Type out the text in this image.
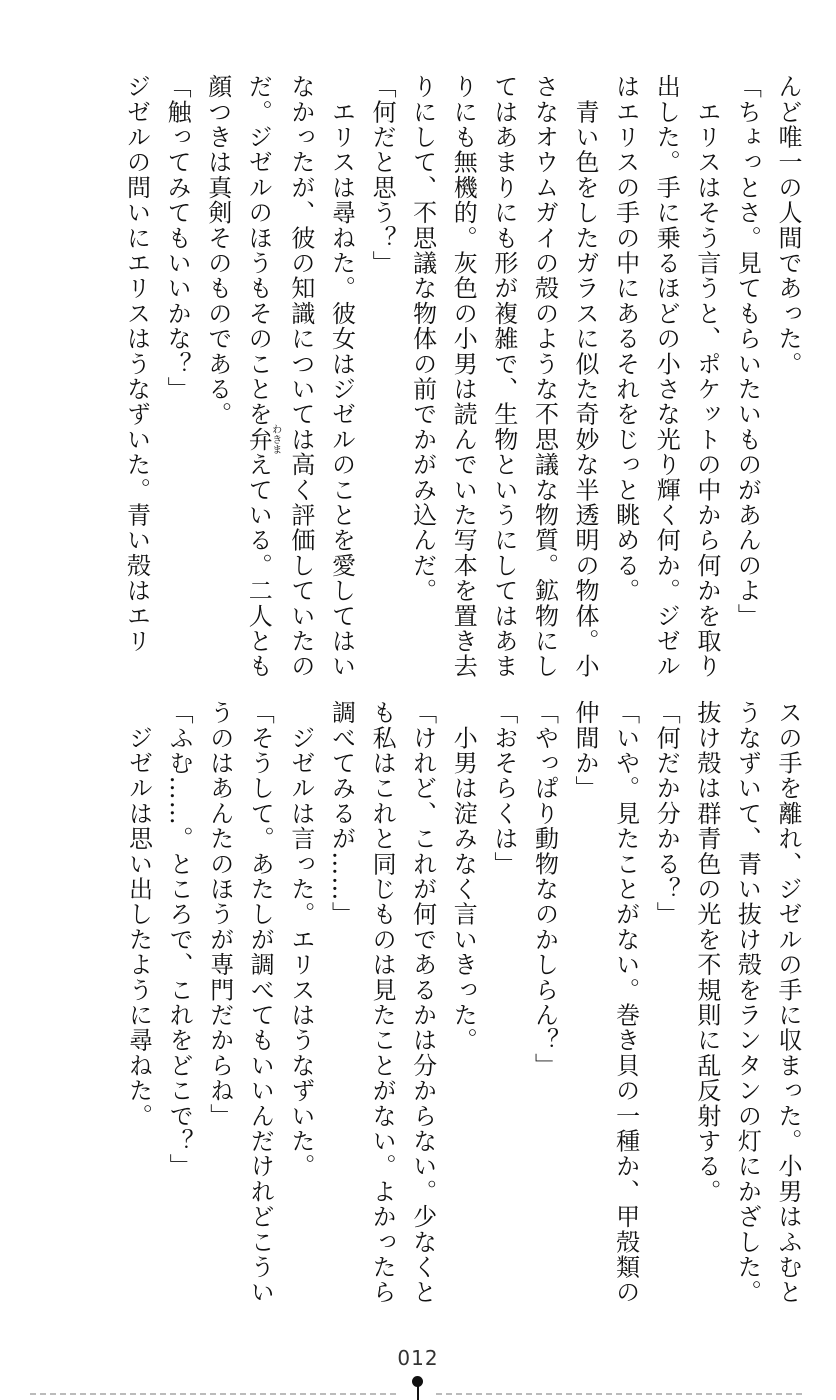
んど唯一の人間であった。
「ちょっとさ。見てもらいたいものがあんのよ」
　エリスはそう言うと、ポケットの中から何かを取り
出した。手に乗るほどの小さな光り輝く何か。ジゼル
はエリスの手の中にあるそれをじっと眺める。
　青い色をしたガラスに似た奇妙な半透明の物体。小
さなオウムガイの殻のような不思議な物質。鉱物にし
てはあまりにも形が複雑で、生物というにしてはあま
りにも無機的。灰色の小男は読んでいた写本を置き去
りにして、不思議な物体の前でかがみ込んだ。
「何だと思う？」
　エリスは尋ねた。彼女はジゼルのことを愛してはい
なかったが、彼の知識については高く評価していたの
だ。ジゼルのほうもそのことを弁わきまえている。二人とも
顔つきは真剣そのものである。
「触ってみてもいいかな？」
ジゼルの問いにエリスはうなずいた。青い殻はエリ
スの手を離れ、ジゼルの手に収まった。小男はふむと
うなずいて、青い抜け殻をランタンの灯にかざした。
抜け殻は群青色の光を不規則に乱反射する。
「何だか分かる？」
「いや。見たことがない。巻き貝の一種か、甲殻類の
仲間か」
「やっぱり動物なのかしらん？」
「おそらくは」
　小男は淀みなく言いきった。
「けれど、これが何であるかは分からない。少なくと
も私はこれと同じものは見たことがない。よかったら
調べてみるが……」
　ジゼルは言った。エリスはうなずいた。
「そうして。あたしが調べてもいいんだけれどこうい
うのはあんたのほうが専門だからね」
「ふむ……。ところで、これをどこで？」
　ジゼルは思い出したように尋ねた。
012
